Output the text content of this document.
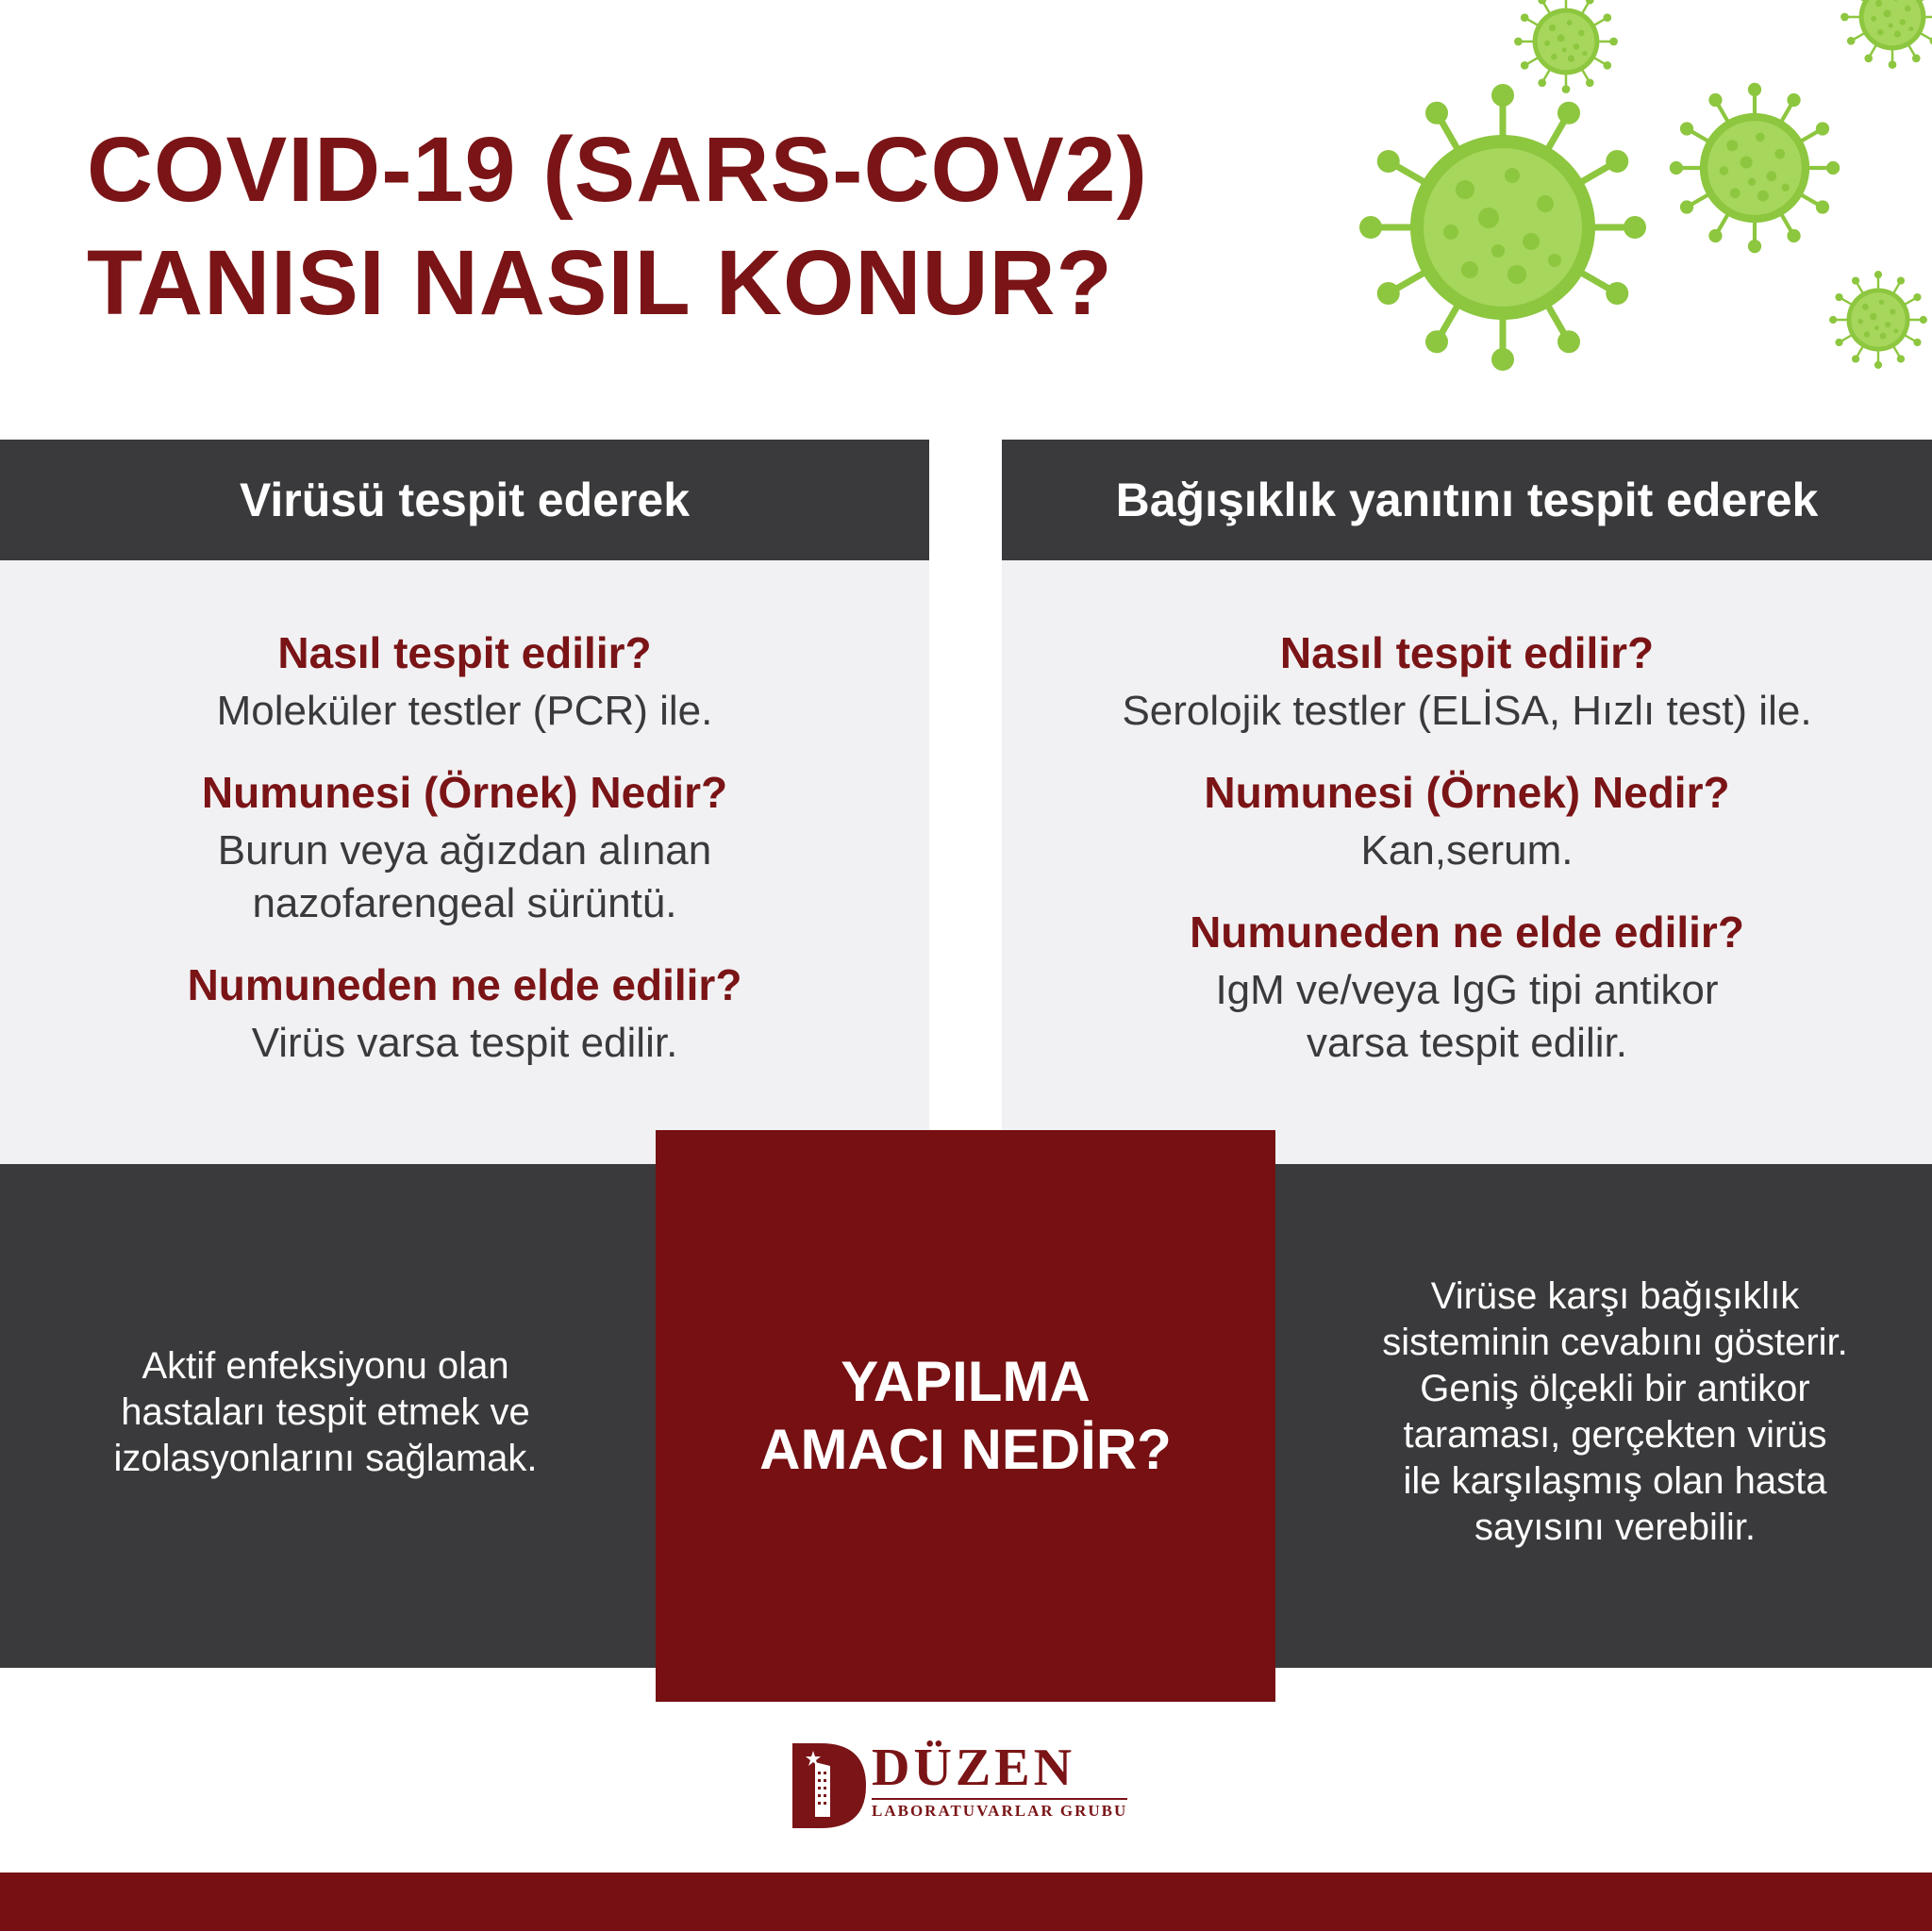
COVID-19 (SARS-COV2)
TANISI NASIL KONUR?
Virüsü tespit ederek

Nasıl tespit edilir?

Moleküler testler (PCR) ile.

Numunesi (Örnek) Nedir?

Burun veya ağızdan alınan
nazofarengeal sürüntü.

Numuneden ne elde edilir?

Virüs varsa tespit edilir.

Bağışıklık yanıtını tespit ederek

Nasıl tespit edilir?

Serolojik testler (ELİSA, Hızlı test) ile.

Numunesi (Örnek) Nedir?

Kan,serum.

Numuneden ne elde edilir?

IgM ve/veya IgG tipi antikor
varsa tespit edilir.

Aktif enfeksiyonu olan
hastaları tespit etmek ve
izolasyonlarını sağlamak.

Virüse karşı bağışıklık
sisteminin cevabını gösterir.
Geniş ölçekli bir antikor
taraması, gerçekten virüs
ile karşılaşmış olan hasta
sayısını verebilir.

YAPILMA
AMACI NEDİR?

DÜZEN

LABORATUVARLAR GRUBU
